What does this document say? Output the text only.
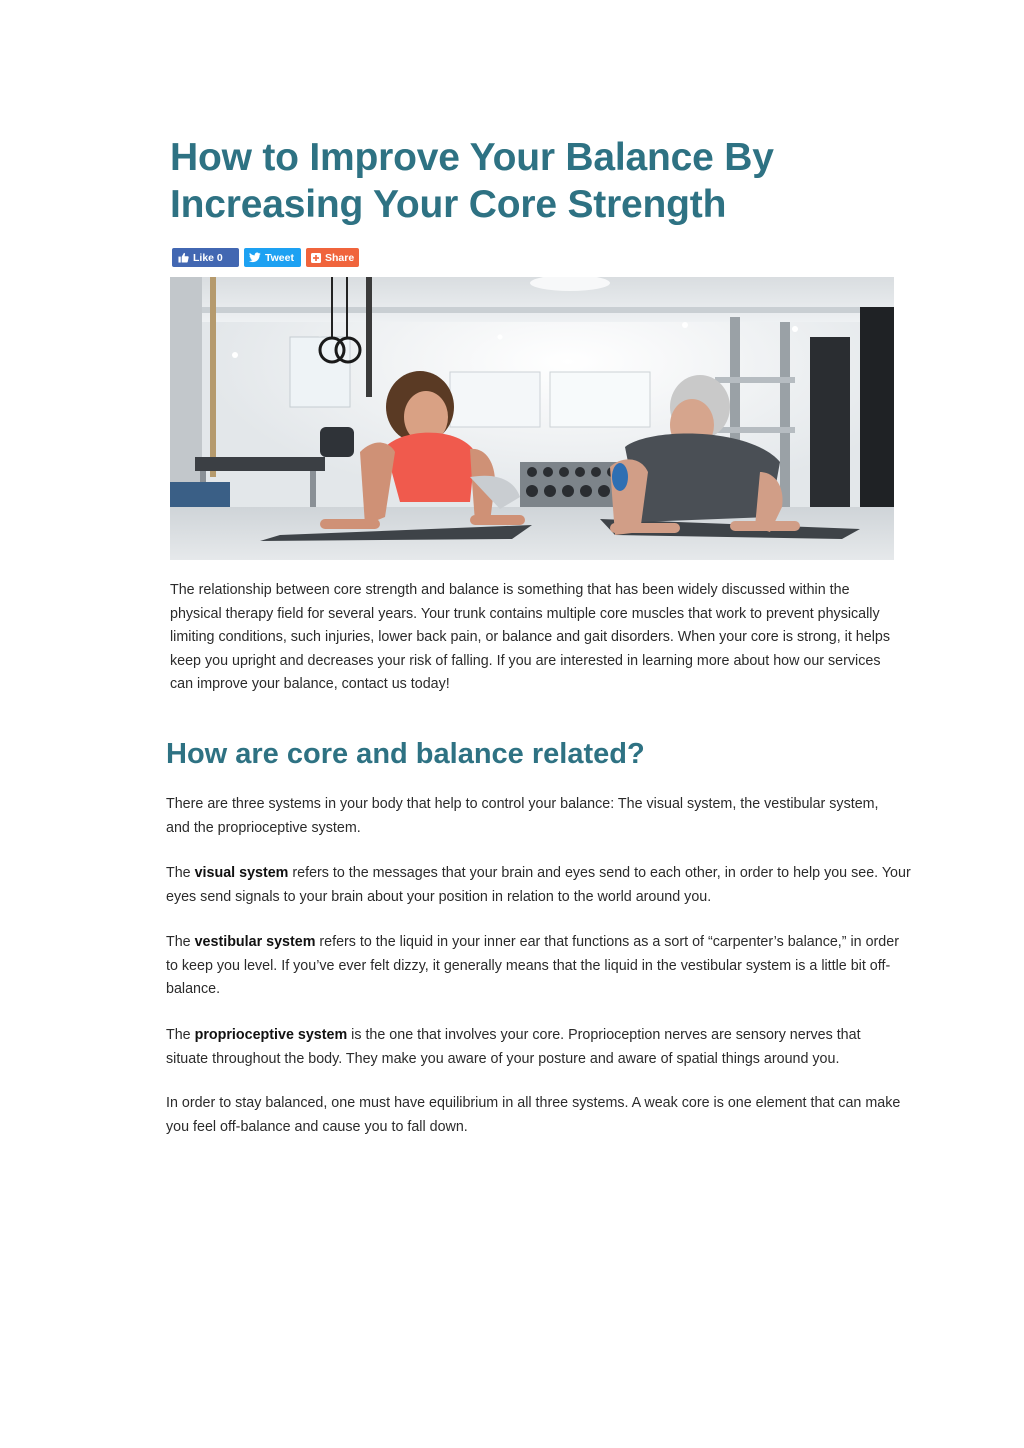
How to Improve Your Balance By Increasing Your Core Strength
Like 0	Tweet	Share

The relationship between core strength and balance is something that has been widely discussed within the physical therapy field for several years. Your trunk contains multiple core muscles that work to prevent physically limiting conditions, such injuries, lower back pain, or balance and gait disorders. When your core is strong, it helps keep you upright and decreases your risk of falling. If you are interested in learning more about how our services can improve your balance, contact us today!

How are core and balance related?

There are three systems in your body that help to control your balance: The visual system, the vestibular system, and the proprioceptive system.

The visual system refers to the messages that your brain and eyes send to each other, in order to help you see. Your eyes send signals to your brain about your position in relation to the world around you.

The vestibular system refers to the liquid in your inner ear that functions as a sort of “carpenter’s balance,” in order to keep you level. If you’ve ever felt dizzy, it generally means that the liquid in the vestibular system is a little bit off-balance.

The proprioceptive system is the one that involves your core. Proprioception nerves are sensory nerves that situate throughout the body. They make you aware of your posture and aware of spatial things around you.

In order to stay balanced, one must have equilibrium in all three systems. A weak core is one element that can make you feel off-balance and cause you to fall down.
